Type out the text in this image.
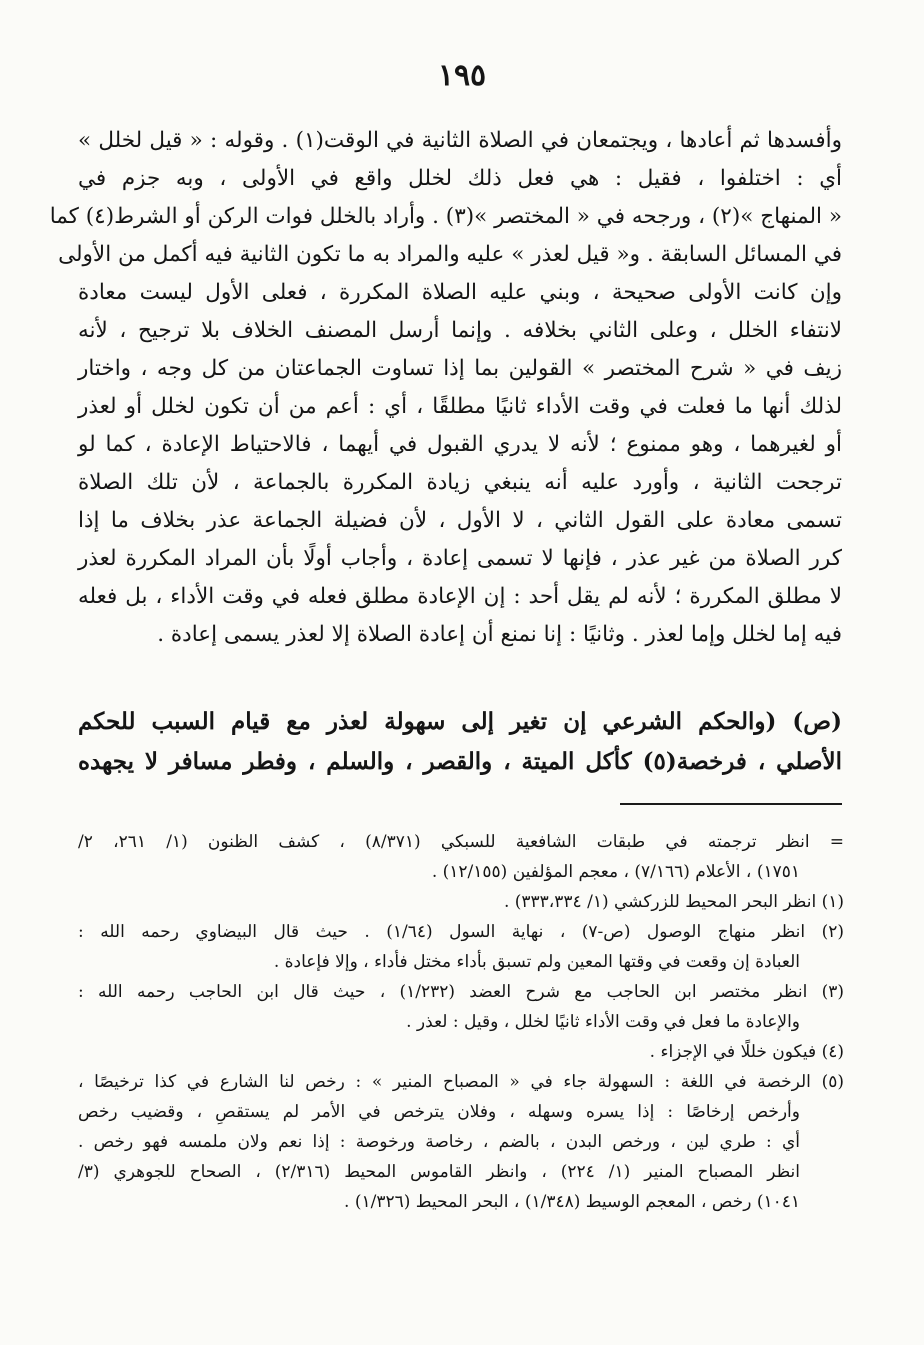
١٩٥
وأفسدها ثم أعادها ، ويجتمعان في الصلاة الثانية في الوقت(١) . وقوله : « قيل لخلل »
أي : اختلفوا ، فقيل : هي فعل ذلك لخلل واقع في الأولى ، وبه جزم في
« المنهاج »(٢) ، ورجحه في « المختصر »(٣) . وأراد بالخلل فوات الركن أو الشرط(٤) كما
في المسائل السابقة . و« قيل لعذر » عليه والمراد به ما تكون الثانية فيه أكمل من الأولى
وإن كانت الأولى صحيحة ، وبني عليه الصلاة المكررة ، فعلى الأول ليست معادة
لانتفاء الخلل ، وعلى الثاني بخلافه . وإنما أرسل المصنف الخلاف بلا ترجيح ، لأنه
زيف في « شرح المختصر » القولين بما إذا تساوت الجماعتان من كل وجه ، واختار
لذلك أنها ما فعلت في وقت الأداء ثانيًا مطلقًا ، أي : أعم من أن تكون لخلل أو لعذر
أو لغيرهما ، وهو ممنوع ؛ لأنه لا يدري القبول في أيهما ، فالاحتياط الإعادة ، كما لو
ترجحت الثانية ، وأورد عليه أنه ينبغي زيادة المكررة بالجماعة ، لأن تلك الصلاة
تسمى معادة على القول الثاني ، لا الأول ، لأن فضيلة الجماعة عذر بخلاف ما إذا
كرر الصلاة من غير عذر ، فإنها لا تسمى إعادة ، وأجاب أولًا بأن المراد المكررة لعذر
لا مطلق المكررة ؛ لأنه لم يقل أحد : إن الإعادة مطلق فعله في وقت الأداء ، بل فعله
فيه إما لخلل وإما لعذر . وثانيًا : إنا نمنع أن إعادة الصلاة إلا لعذر يسمى إعادة .
(ص) (والحكم الشرعي إن تغير إلى سهولة لعذر مع قيام السبب للحكم
الأصلي ، فرخصة(٥) كأكل الميتة ، والقصر ، والسلم ، وفطر مسافر لا يجهده
= انظر ترجمته في طبقات الشافعية للسبكي (٨/٣٧١) ، كشف الظنون (١/ ٢٦١، ٢/
١٧٥١) ، الأعلام (٧/١٦٦) ، معجم المؤلفين (١٢/١٥٥) .
(١) انظر البحر المحيط للزركشي (١/ ٣٣٣،٣٣٤) .
(٢) انظر منهاج الوصول (ص-٧) ، نهاية السول (١/٦٤) . حيث قال البيضاوي رحمه الله :
العبادة إن وقعت في وقتها المعين ولم تسبق بأداء مختل فأداء ، وإلا فإعادة .
(٣) انظر مختصر ابن الحاجب مع شرح العضد (١/٢٣٢) ، حيث قال ابن الحاجب رحمه الله :
والإعادة ما فعل في وقت الأداء ثانيًا لخلل ، وقيل : لعذر .
(٤) فيكون خللًا في الإجزاء .
(٥) الرخصة في اللغة : السهولة جاء في « المصباح المنير » : رخص لنا الشارع في كذا ترخيصًا ،
وأرخص إرخاصًا : إذا يسره وسهله ، وفلان يترخص في الأمر لم يستقصِ ، وقضيب رخص
أي : طري لين ، ورخص البدن ، بالضم ، رخاصة ورخوصة : إذا نعم ولان ملمسه فهو رخص .
انظر المصباح المنير (١/ ٢٢٤) ، وانظر القاموس المحيط (٢/٣١٦) ، الصحاح للجوهري (٣/
١٠٤١) رخص ، المعجم الوسيط (١/٣٤٨) ، البحر المحيط (١/٣٢٦) .
